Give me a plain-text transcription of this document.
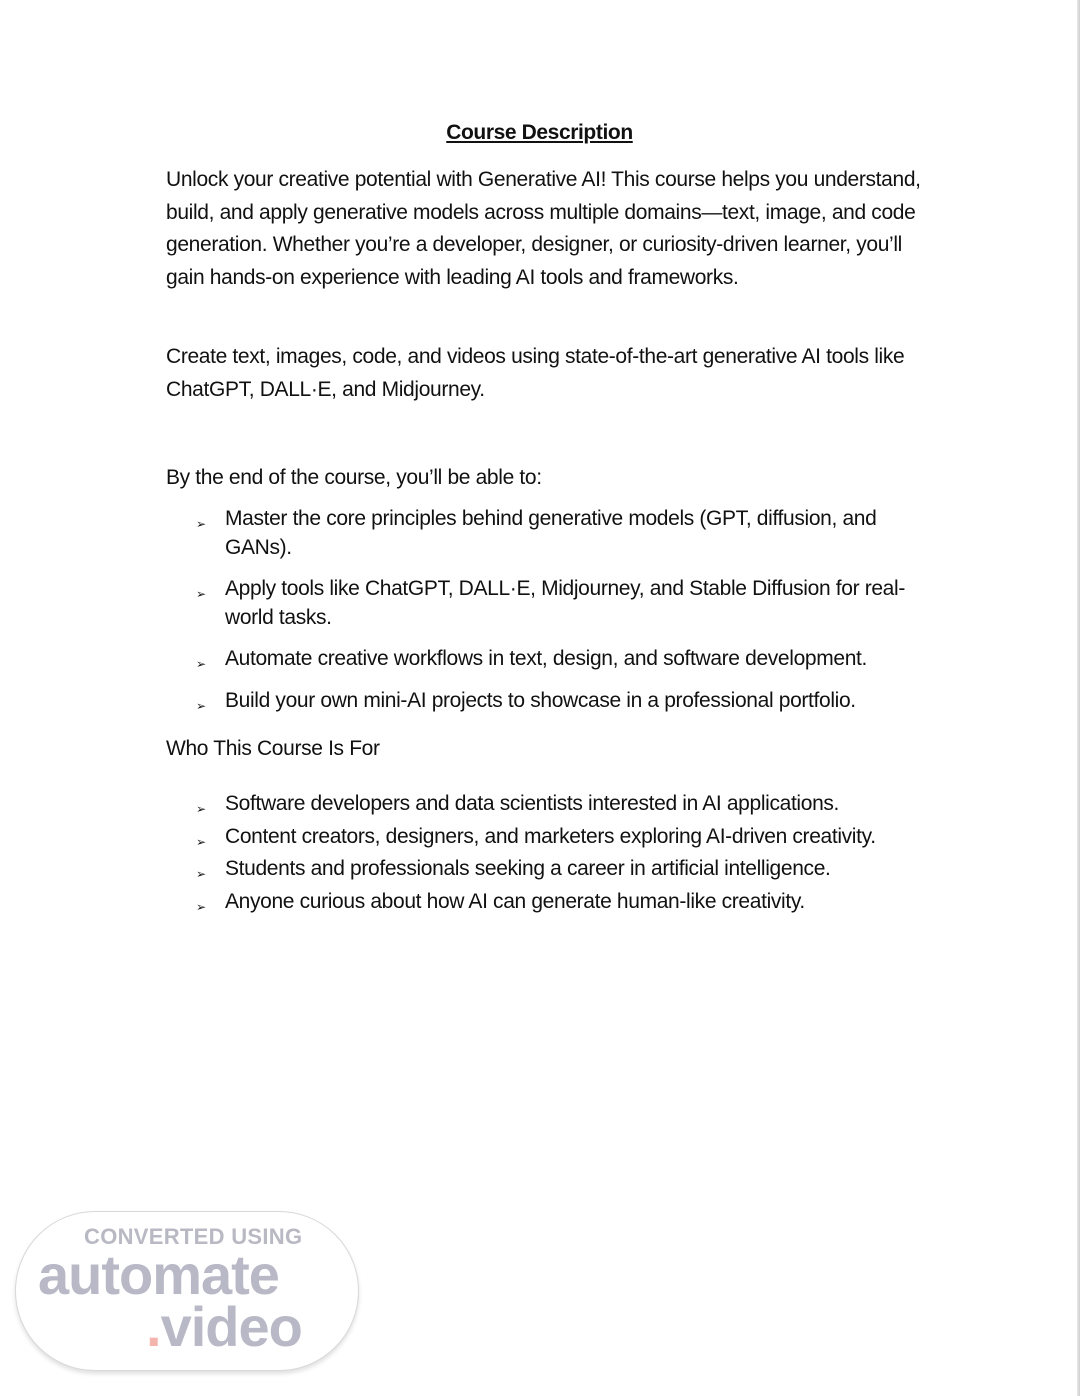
Course Description
Unlock your creative potential with Generative AI! This course helps you understand, build, and apply generative models across multiple domains—text, image, and code generation. Whether you’re a developer, designer, or curiosity-driven learner, you’ll gain hands-on experience with leading AI tools and frameworks.
Create text, images, code, and videos using state-of-the-art generative AI tools like ChatGPT, DALL·E, and Midjourney.
By the end of the course, you’ll be able to:
➢ Master the core principles behind generative models (GPT, diffusion, and GANs).
➢ Apply tools like ChatGPT, DALL·E, Midjourney, and Stable Diffusion for real-world tasks.
➢ Automate creative workflows in text, design, and software development.
➢ Build your own mini-AI projects to showcase in a professional portfolio.
Who This Course Is For
➢ Software developers and data scientists interested in AI applications.
➢ Content creators, designers, and marketers exploring AI-driven creativity.
➢ Students and professionals seeking a career in artificial intelligence.
➢ Anyone curious about how AI can generate human-like creativity.
CONVERTED USING
automate
.video
